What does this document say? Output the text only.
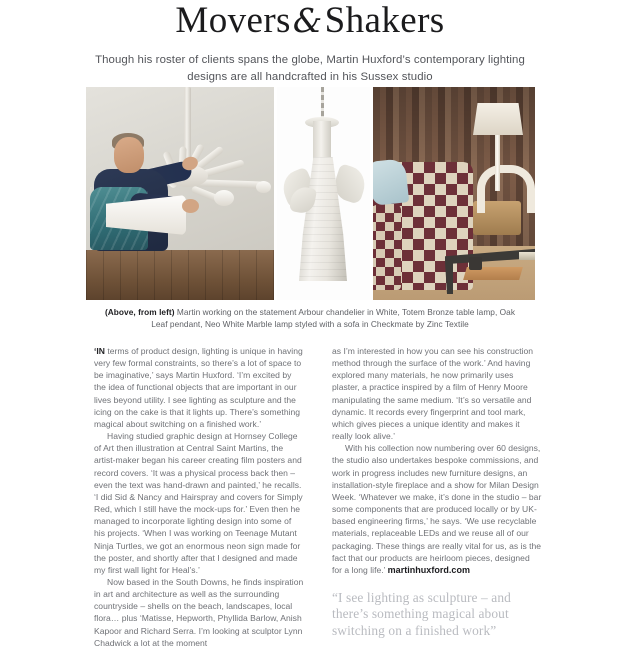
Movers&Shakers
Though his roster of clients spans the globe, Martin Huxford’s contemporary lighting designs are all handcrafted in his Sussex studio
(Above, from left) Martin working on the statement Arbour chandelier in White, Totem Bronze table lamp, Oak Leaf pendant, Neo White Marble lamp styled with a sofa in Checkmate by Zinc Textile

‘IN terms of product design, lighting is unique in having very few formal constraints, so there’s a lot of space to be imaginative,’ says Martin Huxford. ‘I’m excited by the idea of functional objects that are important in our lives beyond utility. I see lighting as sculpture and the icing on the cake is that it lights up. There’s something magical about switching on a finished work.’

Having studied graphic design at Hornsey College of Art then illustration at Central Saint Martins, the artist-maker began his career creating film posters and record covers. ‘It was a physical process back then – even the text was hand-drawn and painted,’ he recalls. ‘I did Sid & Nancy and Hairspray and covers for Simply Red, which I still have the mock-ups for.’ Even then he managed to incorporate lighting design into some of his projects. ‘When I was working on Teenage Mutant Ninja Turtles, we got an enormous neon sign made for the poster, and shortly after that I designed and made my first wall light for Heal’s.’

Now based in the South Downs, he finds inspiration in art and architecture as well as the surrounding countryside – shells on the beach, landscapes, local flora… plus ‘Matisse, Hepworth, Phyllida Barlow, Anish Kapoor and Richard Serra. I’m looking at sculptor Lynn Chadwick a lot at the moment

as I’m interested in how you can see his construction method through the surface of the work.’ And having explored many materials, he now primarily uses plaster, a practice inspired by a film of Henry Moore manipulating the same medium. ‘It’s so versatile and dynamic. It records every fingerprint and tool mark, which gives pieces a unique identity and makes it really look alive.’

With his collection now numbering over 60 designs, the studio also undertakes bespoke commissions, and work in progress includes new furniture designs, an installation-style fireplace and a show for Milan Design Week. ‘Whatever we make, it’s done in the studio – bar some components that are produced locally or by UK-based engineering firms,’ he says. ‘We use recyclable materials, replaceable LEDs and we reuse all of our packaging. These things are really vital for us, as is the fact that our products are heirloom pieces, designed for a long life.’ martinhuxford.com

“I see lighting as sculpture – and there’s something magical about switching on a finished work”
